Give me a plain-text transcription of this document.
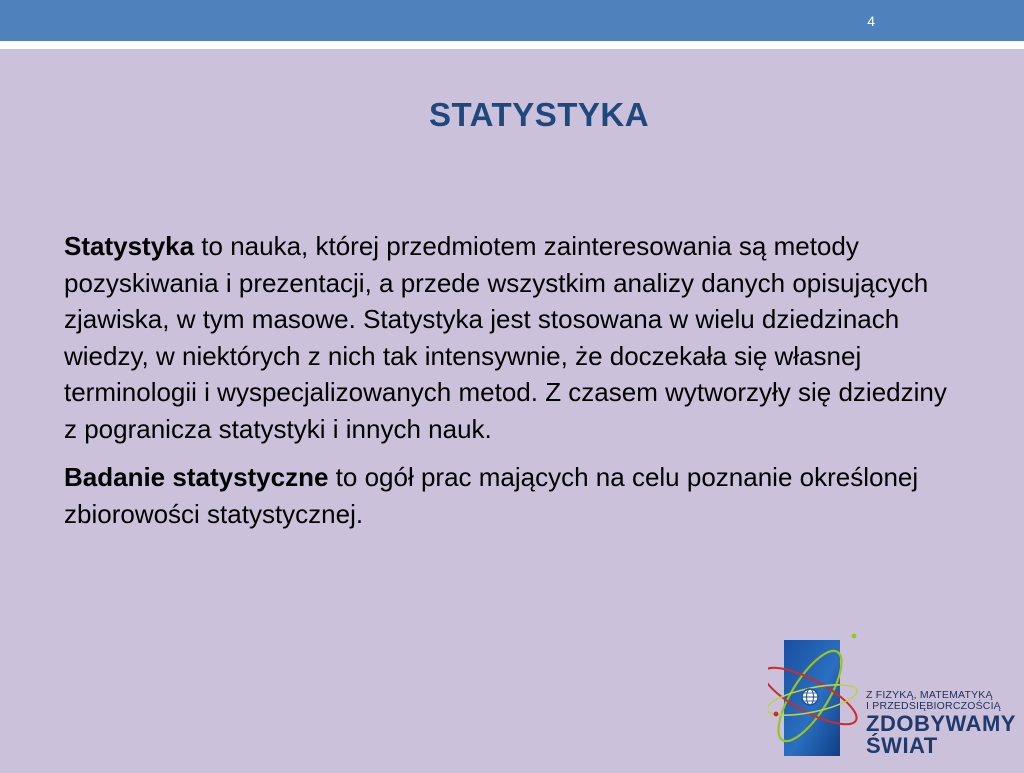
4
STATYSTYKA

Statystyka to nauka, której przedmiotem zainteresowania są metody pozyskiwania i prezentacji, a przede wszystkim analizy danych opisujących zjawiska, w tym masowe. Statystyka jest stosowana w wielu dziedzinach wiedzy, w niektórych z nich tak intensywnie, że doczekała się własnej terminologii i wyspecjalizowanych metod. Z czasem wytworzyły się dziedziny z pogranicza statystyki i innych nauk.

Badanie statystyczne to ogół prac mających na celu poznanie określonej zbiorowości statystycznej.

Z FIZYKĄ, MATEMATYKĄ
I PRZEDSIĘBIORCZOŚCIĄ
ZDOBYWAMY
ŚWIAT
